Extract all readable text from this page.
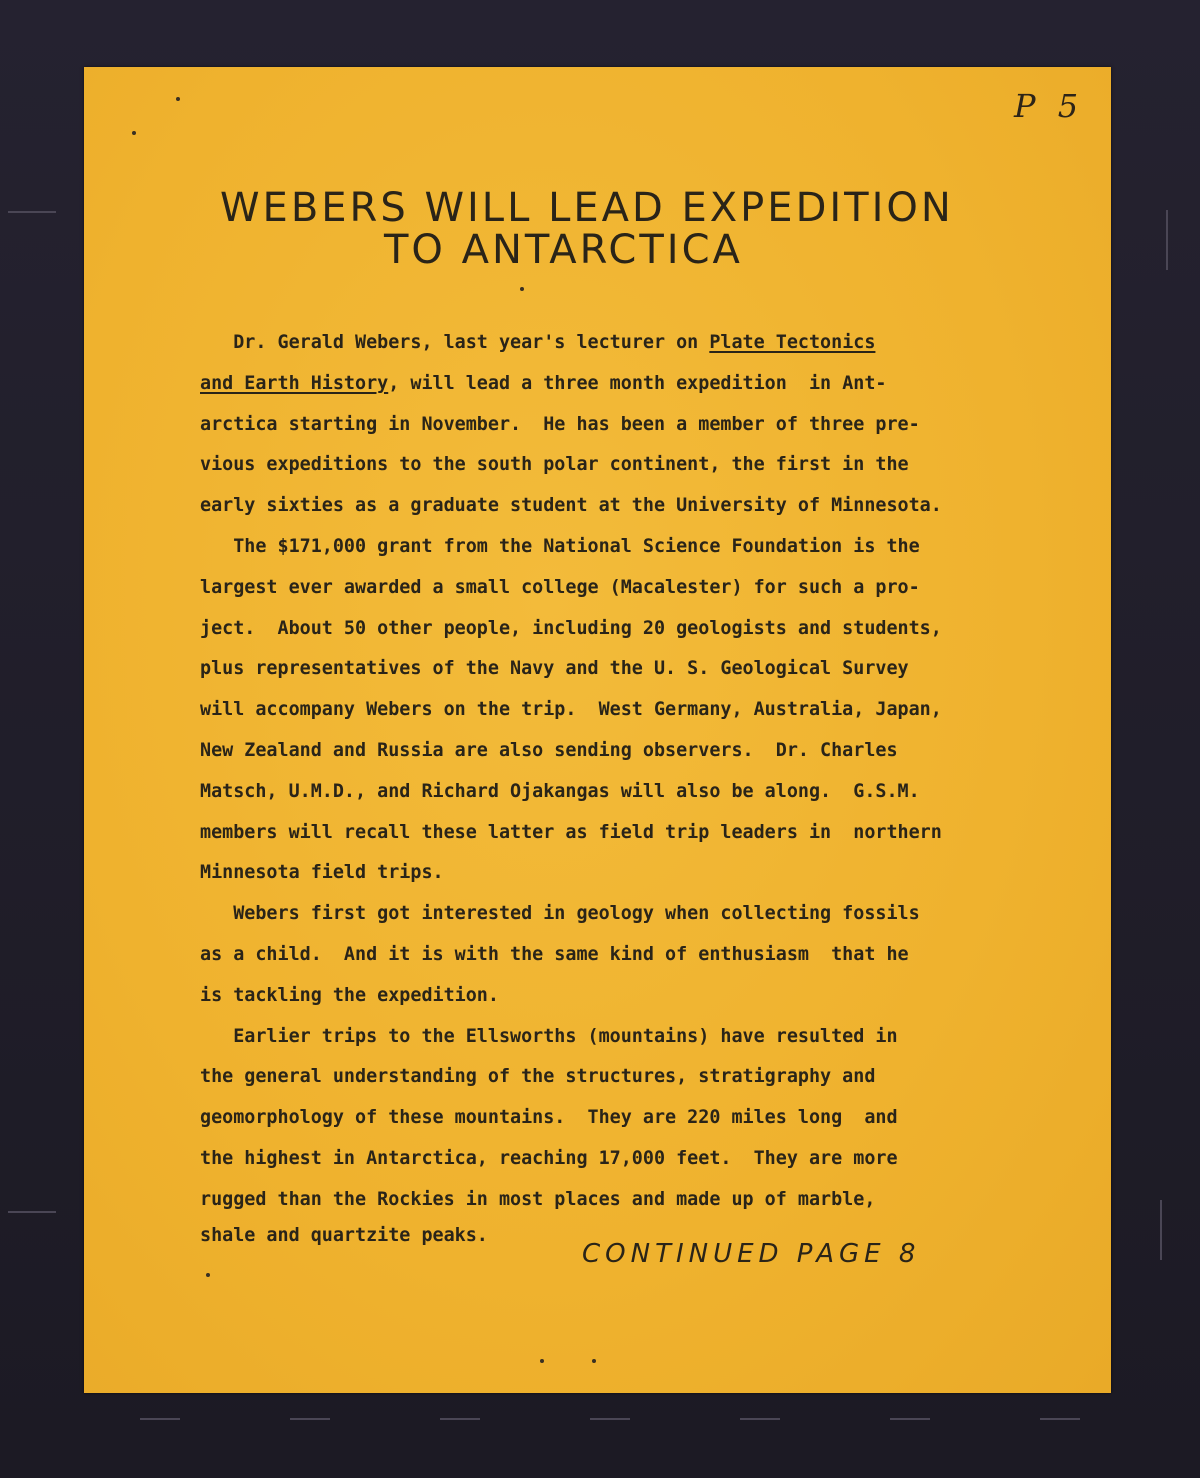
P 5
WEBERS WILL LEAD EXPEDITION
TO ANTARCTICA
Dr. Gerald Webers, last year's lecturer on Plate Tectonics
and Earth History, will lead a three month expedition  in Ant-
arctica starting in November.  He has been a member of three pre-
vious expeditions to the south polar continent, the first in the
early sixties as a graduate student at the University of Minnesota.
The $171,000 grant from the National Science Foundation is the
largest ever awarded a small college (Macalester) for such a pro-
ject.  About 50 other people, including 20 geologists and students,
plus representatives of the Navy and the U. S. Geological Survey
will accompany Webers on the trip.  West Germany, Australia, Japan,
New Zealand and Russia are also sending observers.  Dr. Charles
Matsch, U.M.D., and Richard Ojakangas will also be along.  G.S.M.
members will recall these latter as field trip leaders in  northern
Minnesota field trips.
Webers first got interested in geology when collecting fossils
as a child.  And it is with the same kind of enthusiasm  that he
is tackling the expedition.
Earlier trips to the Ellsworths (mountains) have resulted in
the general understanding of the structures, stratigraphy and
geomorphology of these mountains.  They are 220 miles long  and
the highest in Antarctica, reaching 17,000 feet.  They are more
rugged than the Rockies in most places and made up of marble,
shale and quartzite peaks.
CONTINUED PAGE 8
